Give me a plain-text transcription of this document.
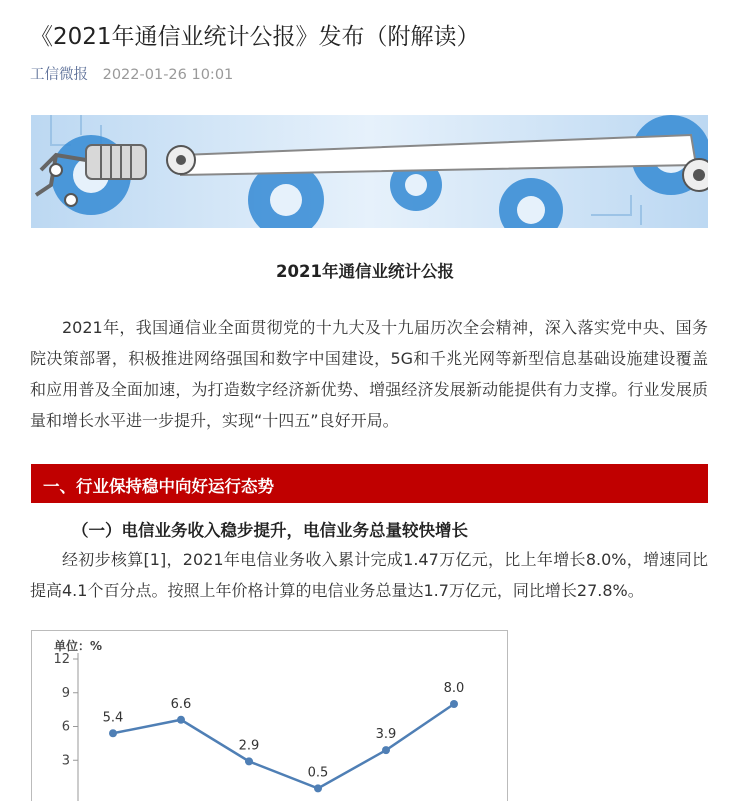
《2021年通信业统计公报》发布（附解读）
工信微报 2022-01-26 10:01
2021年通信业统计公报
2021年，我国通信业全面贯彻党的十九大及十九届历次全会精神，深入落实党中央、国务院决策部署，积极推进网络强国和数字中国建设，5G和千兆光网等新型信息基础设施建设覆盖和应用普及全面加速，为打造数字经济新优势、增强经济发展新动能提供有力支撑。行业发展质量和增长水平进一步提升，实现“十四五”良好开局。
一、行业保持稳中向好运行态势
（一）电信业务收入稳步提升，电信业务总量较快增长
经初步核算[1]，2021年电信业务收入累计完成1.47万亿元，比上年增长8.0%，增速同比提高4.1个百分点。按照上年价格计算的电信业务总量达1.7万亿元，同比增长27.8%。
单位：%
12
9
6
3
5.4
6.6
2.9
0.5
3.9
8.0
